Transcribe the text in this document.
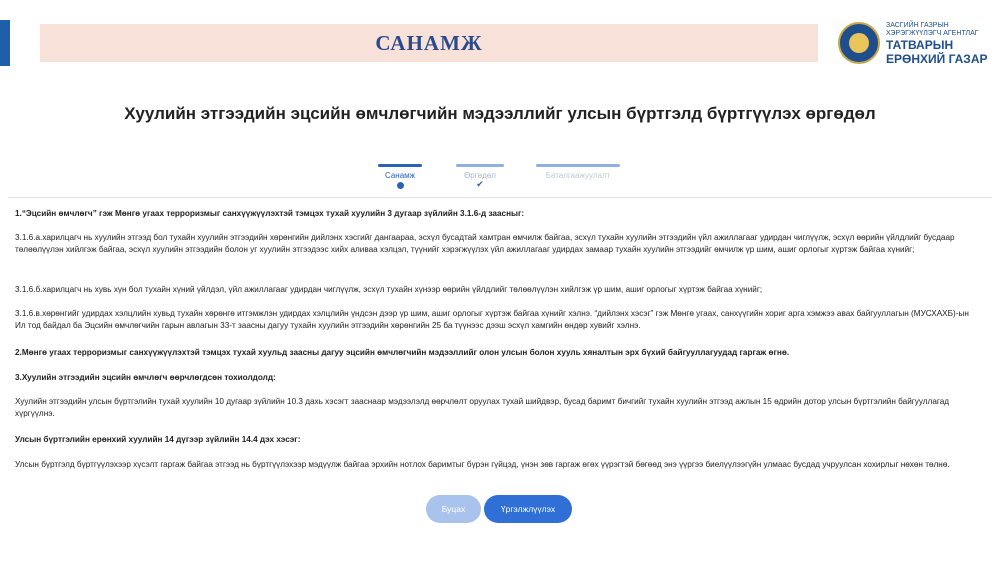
САНАМЖ
ЗАСГИЙН ГАЗРЫН ХЭРЭГЖҮҮЛЭГЧ АГЕНТЛАГ
ТАТВАРЫН
ЕРӨНХИЙ ГАЗАР
Хуулийн этгээдийн эцсийн өмчлөгчийн мэдээллийг улсын бүртгэлд бүртгүүлэх өргөдөл
Санамж	Өргөдөл
✔
Баталгаажуулалт

1.“Эцсийн өмчлөгч” гэж Мөнгө угаах терроризмыг санхүүжүүлэхтэй тэмцэх тухай хуулийн 3 дугаар зүйлийн 3.1.6-д заасныг:

3.1.6.а.харилцагч нь хуулийн этгээд бол тухайн хуулийн этгээдийн хөрөнгийн дийлэнх хэсгийг дангаараа, эсхүл бусадтай хамтран өмчилж байгаа, эсхүл тухайн хуулийн этгээдийн үйл ажиллагааг удирдан чиглүүлж, эсхүл өөрийн үйлдлийг бусдаар төлөөлүүлэн хийлгэж байгаа, эсхүл хуулийн этгээдийн болон уг хуулийн этгээдээс хийх аливаа хэлцэл, түүнийг хэрэгжүүлэх үйл ажиллагааг удирдах замаар тухайн хуулийн этгээдийг өмчилж үр шим, ашиг орлогыг хүртэж байгаа хүнийг;

3.1.6.б.харилцагч нь хувь хүн бол тухайн хүний үйлдэл, үйл ажиллагааг удирдан чиглүүлж, эсхүл тухайн хүнээр өөрийн үйлдлийг төлөөлүүлэн хийлгэж үр шим, ашиг орлогыг хүртэж байгаа хүнийг;

3.1.6.в.хөрөнгийг удирдах хэлцлийн хувьд тухайн хөрөнгө итгэмжлэн удирдах хэлцлийн үндсэн дээр үр шим, ашиг орлогыг хүртэж байгаа хүнийг хэлнэ. “дийлэнх хэсэг” гэж Мөнгө угаах, санхүүгийн хориг арга хэмжээ авах байгууллагын (МУСХАХБ)-ын Ил тод байдал ба Эцсийн өмчлөгчийн гарын авлагын 33-т заасны дагуу тухайн хуулийн этгээдийн хөрөнгийн 25 ба түүнээс дээш эсхүл хамгийн өндөр хувийг хэлнэ.

2.Мөнгө угаах терроризмыг санхүүжүүлэхтэй тэмцэх тухай хуульд заасны дагуу эцсийн өмчлөгчийн мэдээллийг олон улсын болон хууль хяналтын эрх бүхий байгууллагуудад гаргаж өгнө.

3.Хуулийн этгээдийн эцсийн өмчлөгч өөрчлөгдсөн тохиолдолд:

Хуулийн этгээдийн улсын бүртгэлийн тухай хуулийн 10 дугаар зүйлийн 10.3 дахь хэсэгт зааснаар мэдээлэлд өөрчлөлт оруулах тухай шийдвэр, бусад баримт бичгийг тухайн хуулийн этгээд ажлын 15 өдрийн дотор улсын бүртгэлийн байгууллагад хүргүүлнэ.

Улсын бүртгэлийн ерөнхий хуулийн 14 дүгээр зүйлийн 14.4 дэх хэсэг:

Улсын бүртгэлд бүртгүүлэхээр хүсэлт гаргаж байгаа этгээд нь бүртгүүлэхээр мэдүүлж байгаа эрхийн нотлох баримтыг бүрэн гүйцэд, үнэн зөв гаргаж өгөх үүрэгтэй бөгөөд энэ үүргээ биелүүлээгүйн улмаас бусдад учруулсан хохирлыг нөхөн төлнө.

Буцах	Үргэлжлүүлэх
